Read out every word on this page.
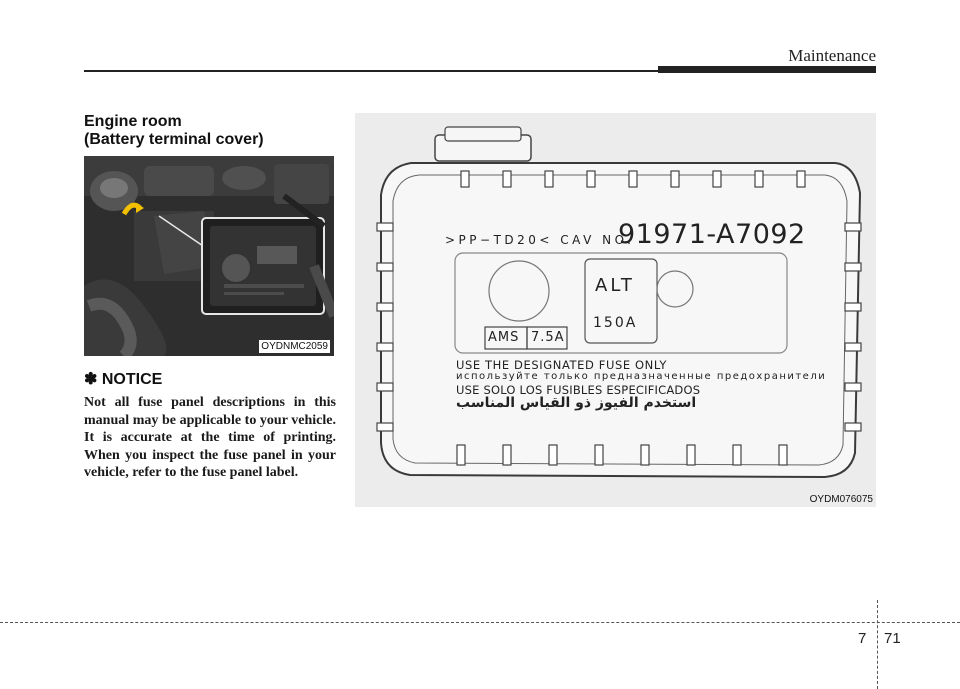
Maintenance
Engine room
(Battery terminal cover)
OYDNMC2059
✽ NOTICE
Not all fuse panel descriptions in this manual may be applicable to your vehicle. It is accurate at the time of printing. When you inspect the fuse panel in your vehicle, refer to the fuse panel label.
>PP−TD20< CAV NO.
91971-A7092
ALT
150A
AMS 7.5A
USE THE DESIGNATED FUSE ONLY
используйте только предназначенные предохранители
USE SOLO LOS FUSIBLES ESPECIFICADOS
استخدم الفيوز ذو القياس المناسب
OYDM076075
7 71
